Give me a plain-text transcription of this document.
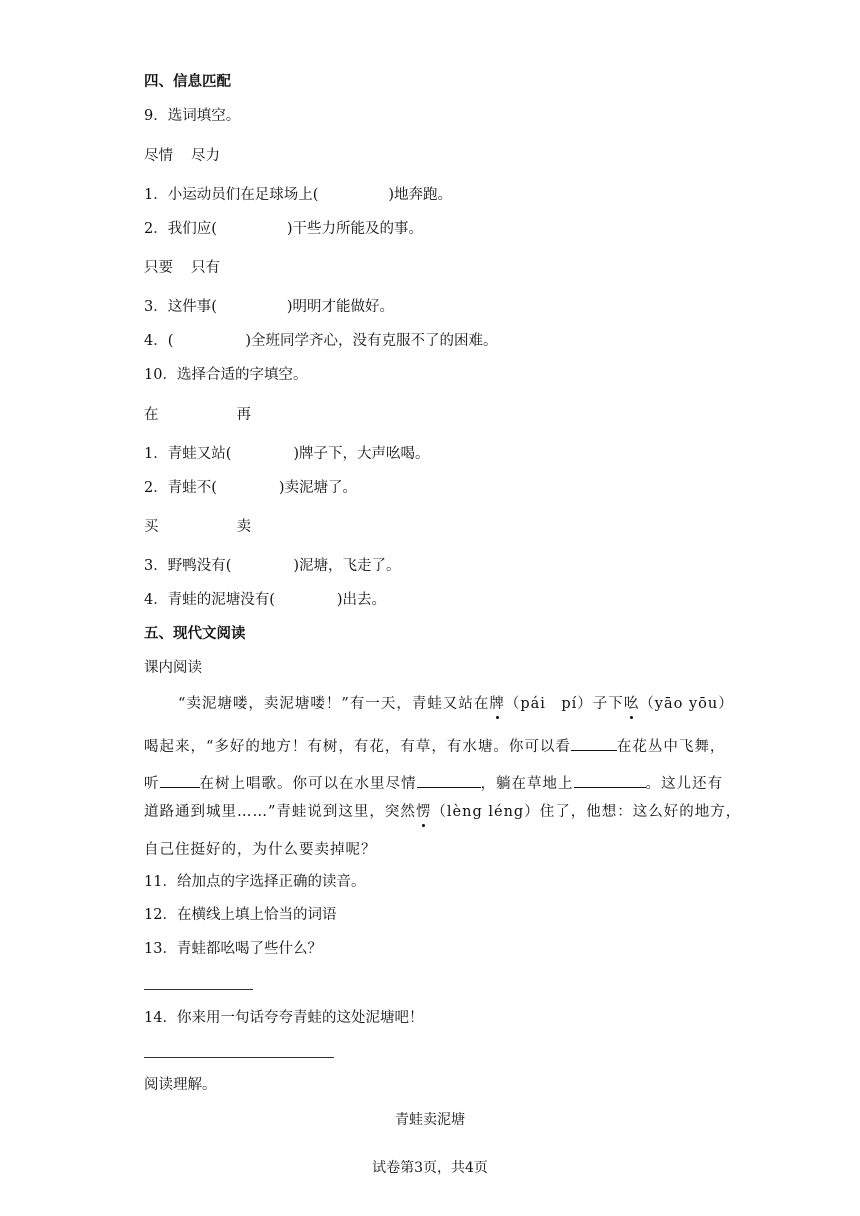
四、信息匹配
9．选词填空。
尽情 尽力
1．小运动员们在足球场上(	)地奔跑。
2．我们应(	)干些力所能及的事。
只要 只有
3．这件事(	)明明才能做好。
4．(	)全班同学齐心，没有克服不了的困难。
10．选择合适的字填空。
在	再
1．青蛙又站(	)牌子下，大声吆喝。
2．青蛙不(	)卖泥塘了。
买	卖
3．野鸭没有(	)泥塘，飞走了。
4．青蛙的泥塘没有(	)出去。
五、现代文阅读
课内阅读
“卖泥塘喽，卖泥塘喽！”有一天，青蛙又站在牌（pái　pí）子下吆（yāo yōu）
喝起来，“多好的地方！有树，有花，有草，有水塘。你可以看	在花丛中飞舞，
听	在树上唱歌。你可以在水里尽情	，躺在草地上	。这儿还有
道路通到城里……”青蛙说到这里，突然愣（lèng léng）住了，他想：这么好的地方，
自己住挺好的，为什么要卖掉呢？
11．给加点的字选择正确的读音。
12．在横线上填上恰当的词语
13．青蛙都吆喝了些什么？
14．你来用一句话夸夸青蛙的这处泥塘吧！
阅读理解。
青蛙卖泥塘
试卷第3页，共4页
